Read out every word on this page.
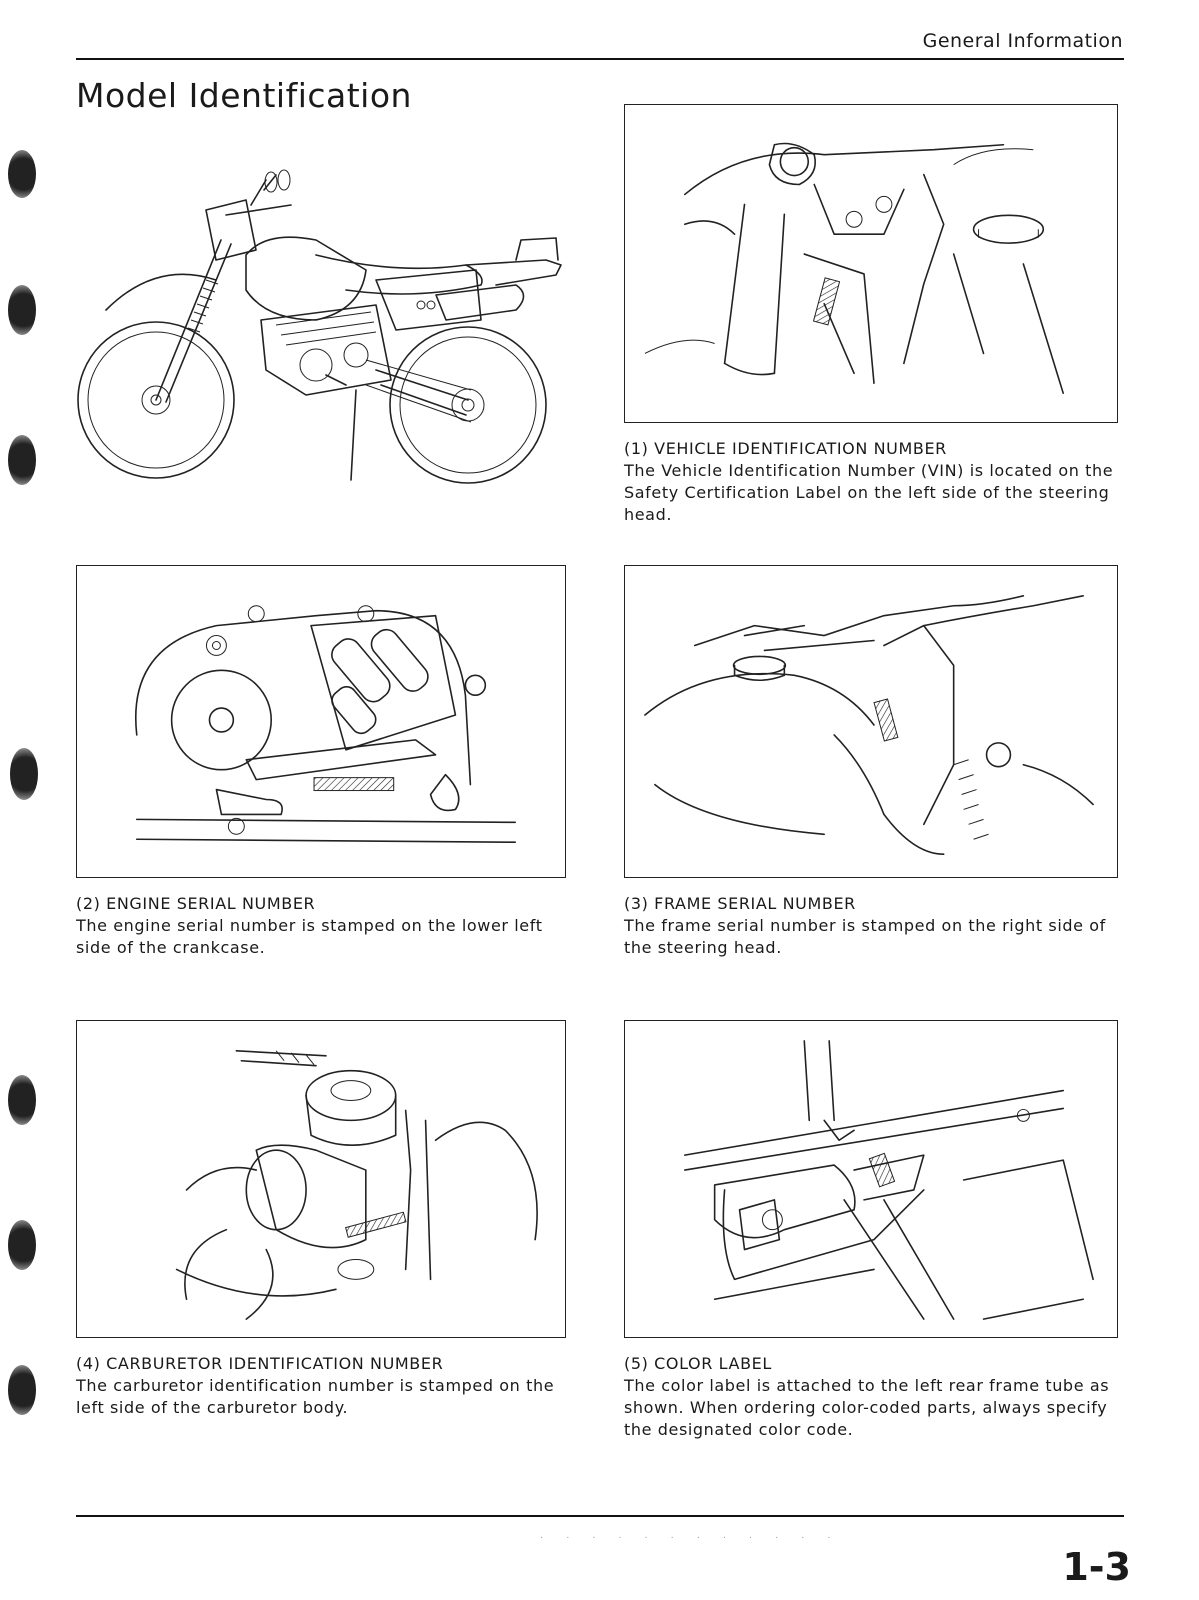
General Information
Model Identification
(1) VEHICLE IDENTIFICATION NUMBER
The Vehicle Identification Number (VIN) is located on the Safety Certification Label on the left side of the steering head.
(2) ENGINE SERIAL NUMBER
The engine serial number is stamped on the lower left side of the crankcase.
(3) FRAME SERIAL NUMBER
The frame serial number is stamped on the right side of the steering head.
(4) CARBURETOR IDENTIFICATION NUMBER
The carburetor identification number is stamped on the left side of the carburetor body.
(5) COLOR LABEL
The color label is attached to the left rear frame tube as shown. When ordering color-coded parts, always specify the designated color code.
· · · · · · · · · · · ·
1-3
